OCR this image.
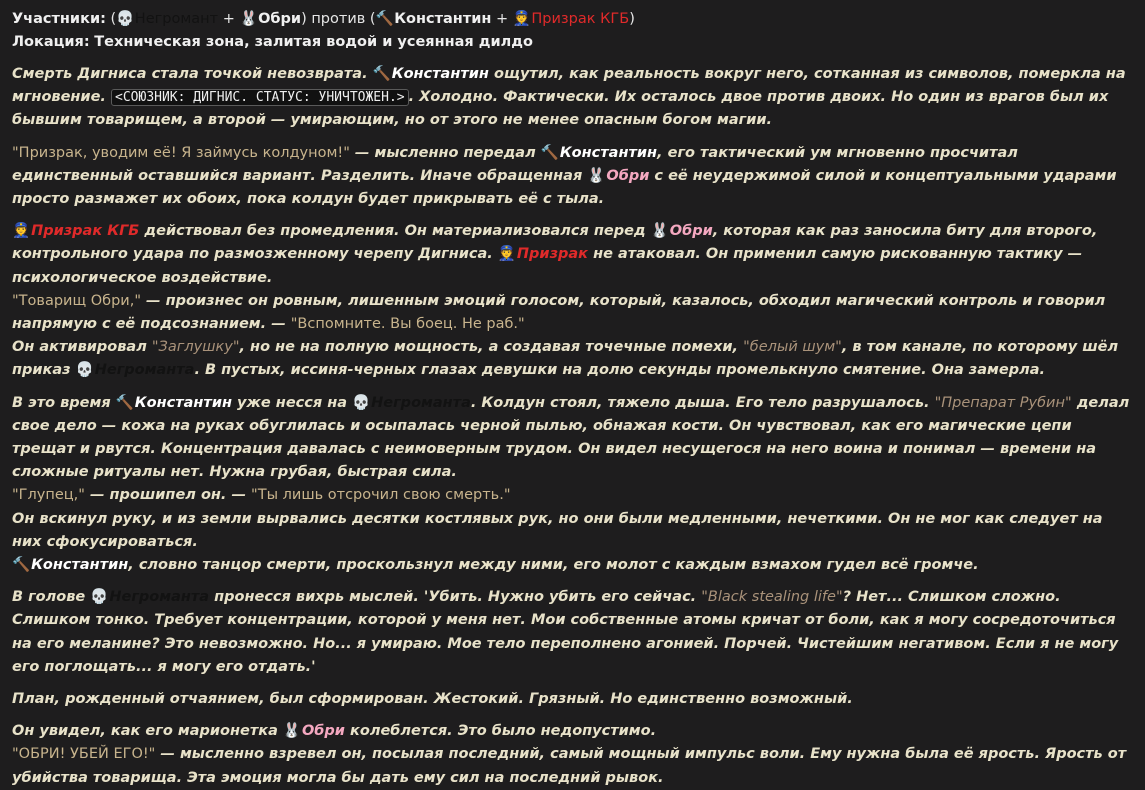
Участники: (💀 Негромант + 🐰 Обри) против (🔨 Константин + 👮 Призрак КГБ)
Локация: Техническая зона, залитая водой и усеянная дилдо

Смерть Дигниса стала точкой невозврата. 🔨 Константин ощутил, как реальность вокруг него, сотканная из символов, померкла на мгновение. <СОЮЗНИК: ДИГНИС. СТАТУС: УНИЧТОЖЕН.> . Холодно. Фактически. Их осталось двое против двоих. Но один из врагов был их бывшим товарищем, а второй — умирающим, но от этого не менее опасным богом магии.

"Призрак, уводим её! Я займусь колдуном!" — мысленно передал 🔨 Константин, его тактический ум мгновенно просчитал единственный оставшийся вариант. Разделить. Иначе обращенная 🐰 Обри с её неудержимой силой и концептуальными ударами просто размажет их обоих, пока колдун будет прикрывать её с тыла.

👮 Призрак КГБ действовал без промедления. Он материализовался перед 🐰 Обри, которая как раз заносила биту для второго, контрольного удара по размозженному черепу Дигниса. 👮 Призрак не атаковал. Он применил самую рискованную тактику — психологическое воздействие.

"Товарищ Обри," — произнес он ровным, лишенным эмоций голосом, который, казалось, обходил магический контроль и говорил напрямую с её подсознанием. — "Вспомните. Вы боец. Не раб."

Он активировал "Заглушку", но не на полную мощность, а создавая точечные помехи, "белый шум", в том канале, по которому шёл приказ 💀 Негроманта. В пустых, иссиня-черных глазах девушки на долю секунды промелькнуло смятение. Она замерла.

В это время 🔨 Константин уже несся на 💀 Негроманта. Колдун стоял, тяжело дыша. Его тело разрушалось. "Препарат Рубин" делал свое дело — кожа на руках обуглилась и осыпалась черной пылью, обнажая кости. Он чувствовал, как его магические цепи трещат и рвутся. Концентрация давалась с неимоверным трудом. Он видел несущегося на него воина и понимал — времени на сложные ритуалы нет. Нужна грубая, быстрая сила.

"Глупец," — прошипел он. — "Ты лишь отсрочил свою смерть."

Он вскинул руку, и из земли вырвались десятки костлявых рук, но они были медленными, нечеткими. Он не мог как следует на них сфокусироваться.

🔨 Константин, словно танцор смерти, проскользнул между ними, его молот с каждым взмахом гудел всё громче.

В голове 💀 Негроманта пронесся вихрь мыслей. 'Убить. Нужно убить его сейчас. "Black stealing life"? Нет... Слишком сложно. Слишком тонко. Требует концентрации, которой у меня нет. Мои собственные атомы кричат от боли, как я могу сосредоточиться на его меланине? Это невозможно. Но... я умираю. Мое тело переполнено агонией. Порчей. Чистейшим негативом. Если я не могу его поглощать... я могу его отдать.'

План, рожденный отчаянием, был сформирован. Жестокий. Грязный. Но единственно возможный.

Он увидел, как его марионетка 🐰 Обри колеблется. Это было недопустимо.

"ОБРИ! УБЕЙ ЕГО!" — мысленно взревел он, посылая последний, самый мощный импульс воли. Ему нужна была её ярость. Ярость от убийства товарища. Эта эмоция могла бы дать ему сил на последний рывок.
